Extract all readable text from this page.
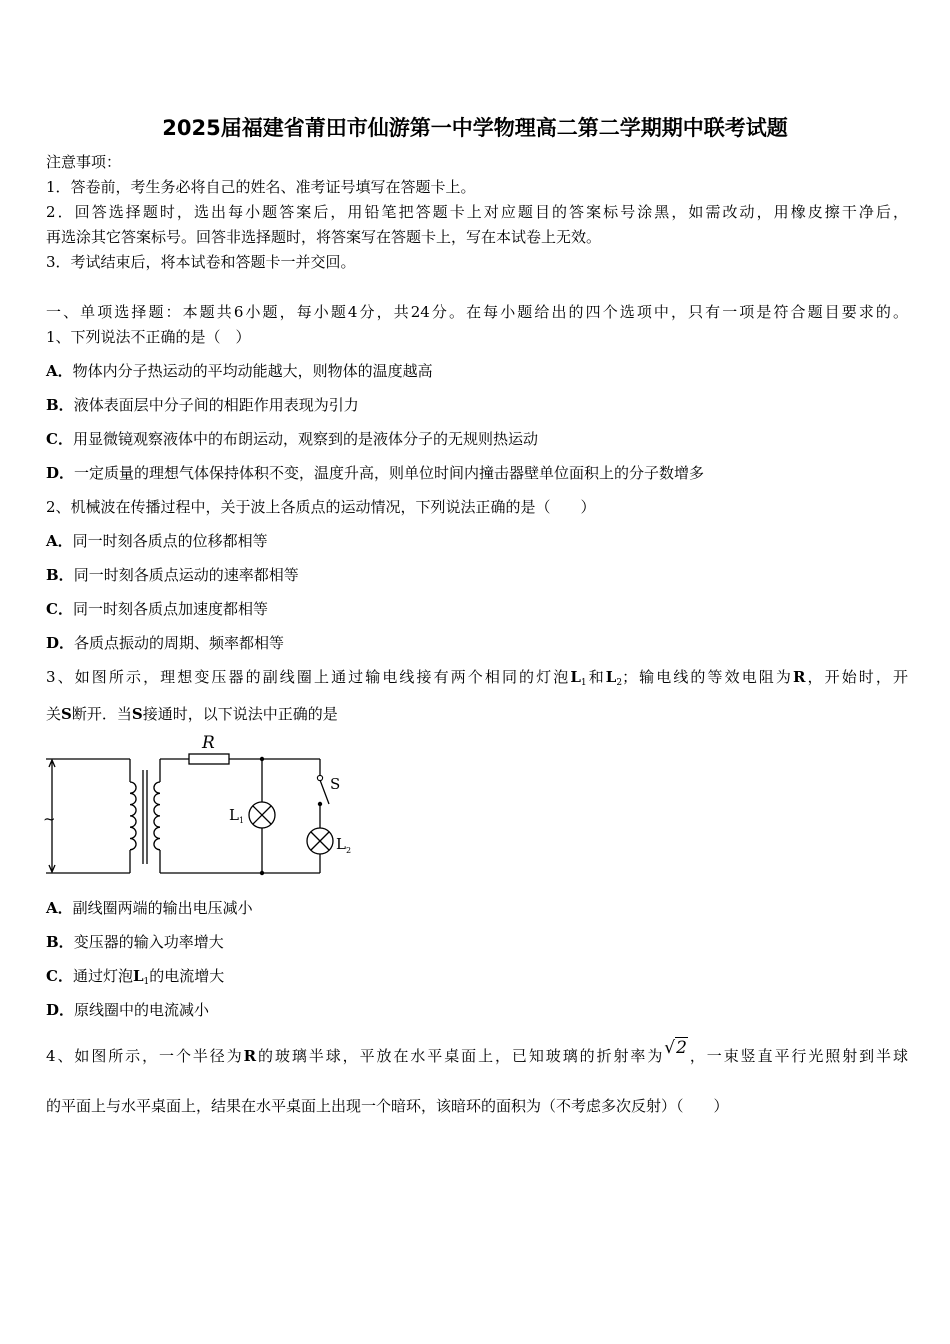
2025届福建省莆田市仙游第一中学物理高二第二学期期中联考试题
注意事项：
1．答卷前，考生务必将自己的姓名、准考证号填写在答题卡上。
2．回答选择题时，选出每小题答案后，用铅笔把答题卡上对应题目的答案标号涂黑，如需改动，用橡皮擦干净后，
再选涂其它答案标号。回答非选择题时，将答案写在答题卡上，写在本试卷上无效。
3．考试结束后，将本试卷和答题卡一并交回。
一、单项选择题：本题共6小题，每小题4分，共24分。在每小题给出的四个选项中，只有一项是符合题目要求的。
1、下列说法不正确的是（　）
A．物体内分子热运动的平均动能越大，则物体的温度越高
B．液体表面层中分子间的相距作用表现为引力
C．用显微镜观察液体中的布朗运动，观察到的是液体分子的无规则热运动
D．一定质量的理想气体保持体积不变，温度升高，则单位时间内撞击器壁单位面积上的分子数增多
2、机械波在传播过程中，关于波上各质点的运动情况，下列说法正确的是（　　）
A．同一时刻各质点的位移都相等
B．同一时刻各质点运动的速率都相等
C．同一时刻各质点加速度都相等
D．各质点振动的周期、频率都相等
3、如图所示，理想变压器的副线圈上通过输电线接有两个相同的灯泡$L_1$和$L_2$；输电线的等效电阻为R，开始时，开
关S断开．当S接通时，以下说法中正确的是
~
R
S
L 1
L 2
A．副线圈两端的输出电压减小
B．变压器的输入功率增大
C．通过灯泡$L_1$的电流增大
D．原线圈中的电流减小
4、如图所示，一个半径为R的玻璃半球，平放在水平桌面上，已知玻璃的折射率为√2，一束竖直平行光照射到半球
的平面上与水平桌面上，结果在水平桌面上出现一个暗环，该暗环的面积为（不考虑多次反射）（　　）
